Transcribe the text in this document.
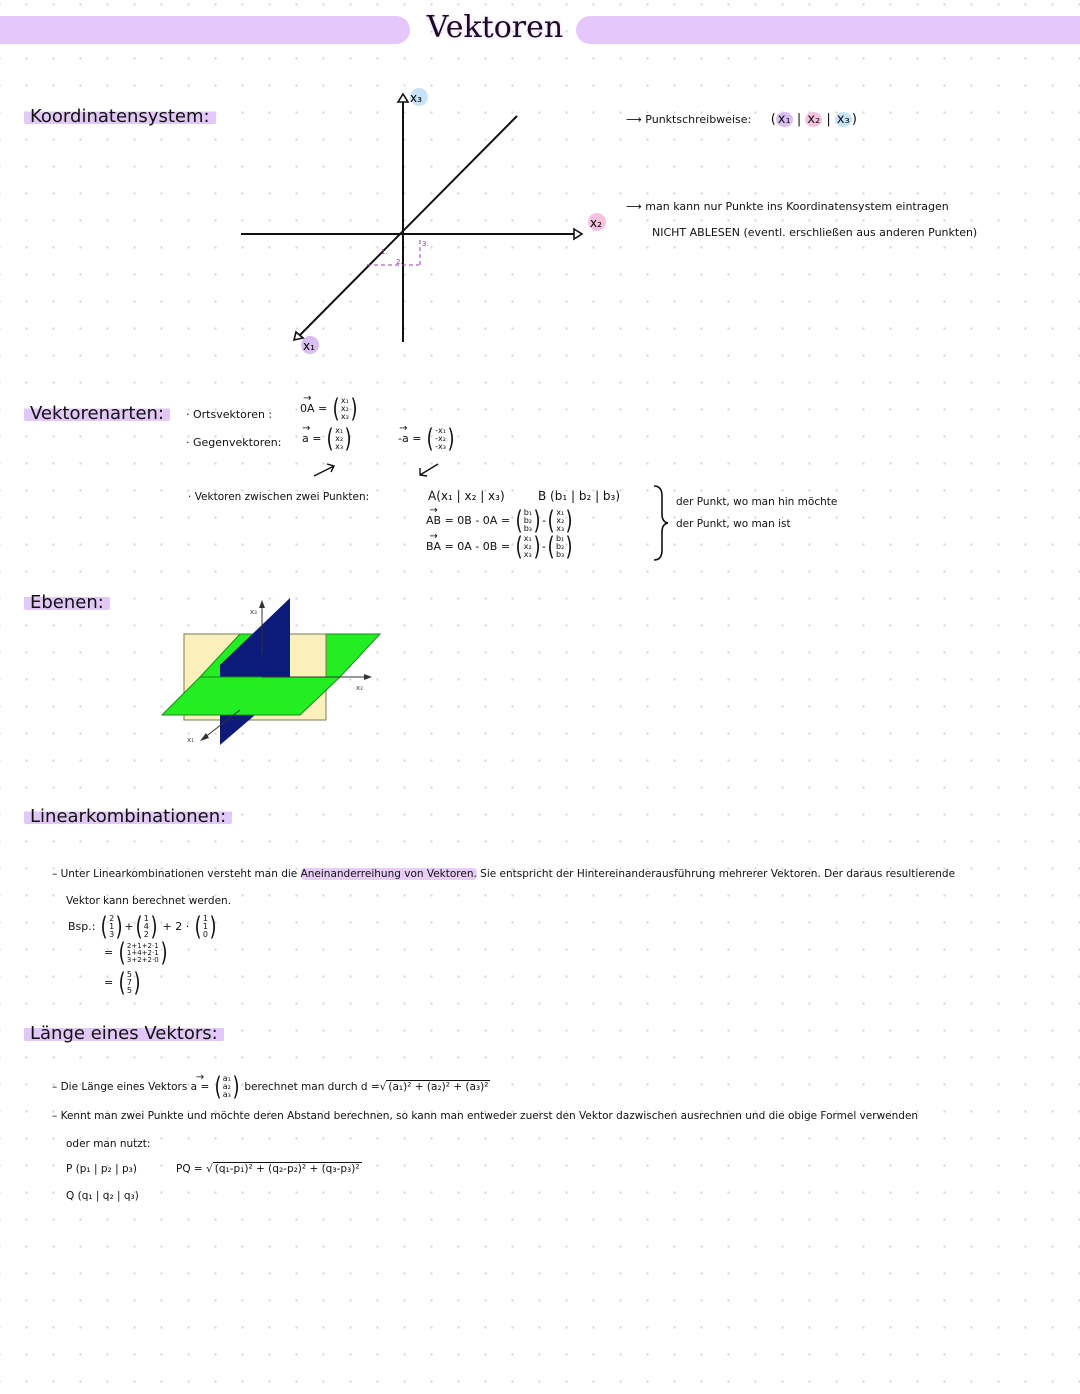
Vektoren
Koordinatensystem:
x₃
x₂
x₁
1.
2.
3.
⟶ Punktschreibweise: ( x₁ | x₂ | x₃ )
⟶ man kann nur Punkte ins Koordinatensystem eintragen
NICHT ABLESEN (eventl. erschließen aus anderen Punkten)
Vektorenarten:	· Ortsvektoren :	→ 0A = ( x₁
x₂
x₃ )
· Gegenvektoren: → a = ( x₁
x₂
x₃ )	→ -a = ( -x₁
-x₂
-x₃ )
· Vektoren zwischen zwei Punkten:	A(x₁ | x₂ | x₃)	B (b₁ | b₂ | b₃)
→ AB = 0B - 0A = ( b₁
b₂
b₃ ) - ( x₁
x₂
x₃ )
→ BA = 0A - 0B = ( x₁
x₂
x₃ ) - ( b₁
b₂
b₃ )
der Punkt, wo man hin möchte
der Punkt, wo man ist
Ebenen:	x₃
x₂
x₁
Linearkombinationen:
– Unter Linearkombinationen versteht man die Aneinanderreihung von Vektoren. Sie entspricht der Hintereinanderausführung mehrerer Vektoren. Der daraus resultierende
Vektor kann berechnet werden.
Bsp.: ( 2
1
3 ) + ( 1
4
2 ) + 2 · ( 1
1
0 )
= ( 2+1+2·1
1+4+2·1
3+2+2·0 )
= ( 5
7
5 )
Länge eines Vektors:
– Die Länge eines Vektors → a = ( a₁
a₂
a₃ ) berechnet man durch d =√ (a₁)² + (a₂)² + (a₃)²
– Kennt man zwei Punkte und möchte deren Abstand berechnen, so kann man entweder zuerst den Vektor dazwischen ausrechnen und die obige Formel verwenden
oder man nutzt:
P (p₁ | p₂ | p₃)
Q (q₁ | q₂ | q₃)
PQ = √ (q₁-p₁)² + (q₂-p₂)² + (q₃-p₃)²
